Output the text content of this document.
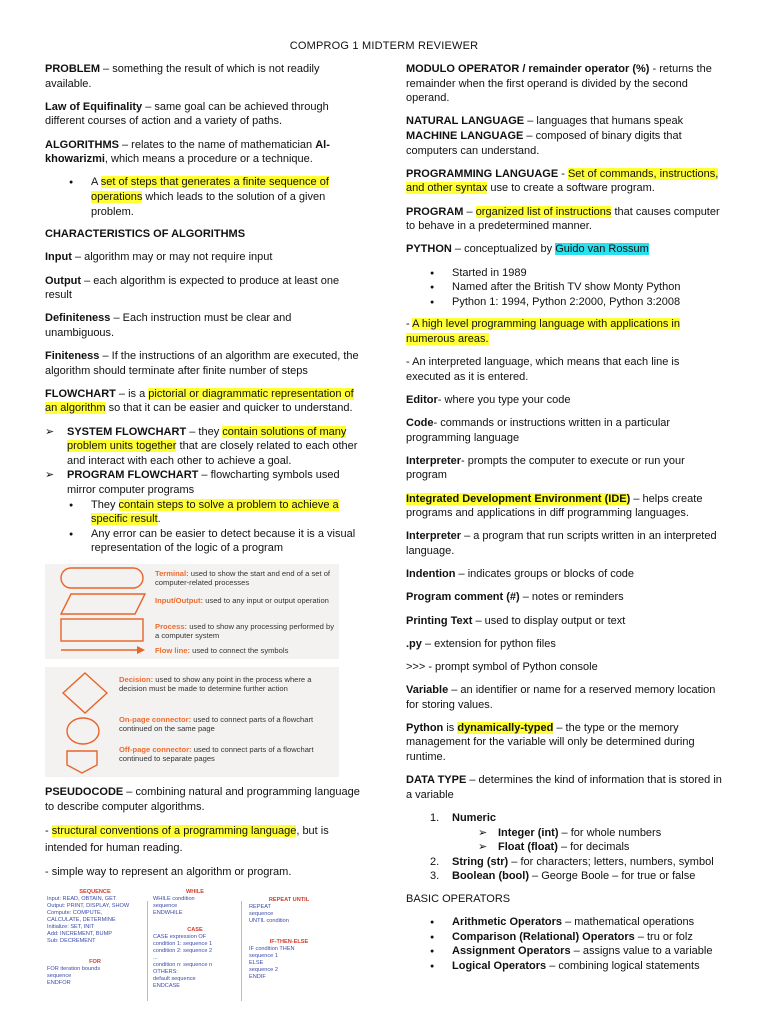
COMPROG 1 MIDTERM REVIEWER

PROBLEM – something the result of which is not readily available.

Law of Equifinality – same goal can be achieved through different courses of action and a variety of paths.

ALGORITHMS – relates to the name of mathematician Al-khowarizmi, which means a procedure or a technique.

● A set of steps that generates a finite sequence of operations which leads to the solution of a given problem.

CHARACTERISTICS OF ALGORITHMS

Input – algorithm may or may not require input

Output – each algorithm is expected to produce at least one result

Definiteness – Each instruction must be clear and unambiguous.

Finiteness – If the instructions of an algorithm are executed, the algorithm should terminate after finite number of steps

FLOWCHART – is a pictorial or diagrammatic representation of an algorithm so that it can be easier and quicker to understand.

➢ SYSTEM FLOWCHART – they contain solutions of many problem units together that are closely related to each other and interact with each other to achieve a goal.
➢ PROGRAM FLOWCHART – flowcharting symbols used mirror computer programs
● They contain steps to solve a problem to achieve a specific result.
● Any error can be easier to detect because it is a visual representation of the logic of a program
Terminal: used to show the start and end of a set of computer-related processes
Input/Output: used to any input or output operation
Process: used to show any processing performed by a computer system
Flow line: used to connect the symbols
Decision: used to show any point in the process where a decision must be made to determine further action
On-page connector: used to connect parts of a flowchart continued on the same page
Off-page connector: used to connect parts of a flowchart continued to separate pages

PSEUDOCODE – combining natural and programming language to describe computer algorithms.

- structural conventions of a programming language, but is intended for human reading.

- simple way to represent an algorithm or program.

SEQUENCE
Input: READ, OBTAIN, GET
Output: PRINT, DISPLAY, SHOW
Compute: COMPUTE,
CALCULATE, DETERMINE
Initialize: SET, INIT
Add: INCREMENT, BUMP
Sub: DECREMENT
FOR
FOR iteration bounds
sequence
ENDFOR
WHILE
WHILE condition
sequence
ENDWHILE
CASE
CASE expression OF
condition 1: sequence 1
condition 2: sequence 2
...
condition n: sequence n
OTHERS:
default sequence
ENDCASE
REPEAT UNTIL
REPEAT
sequence
UNTIL condition
IF-THEN-ELSE
IF condition THEN
sequence 1
ELSE
sequence 2
ENDIF

MODULO OPERATOR / remainder operator (%) - returns the remainder when the first operand is divided by the second operand.

NATURAL LANGUAGE – languages that humans speak

MACHINE LANGUAGE – composed of binary digits that computers can understand.

PROGRAMMING LANGUAGE - Set of commands, instructions, and other syntax use to create a software program.

PROGRAM – organized list of instructions that causes computer to behave in a predetermined manner.

PYTHON – conceptualized by Guido van Rossum

● Started in 1989
● Named after the British TV show Monty Python
● Python 1: 1994, Python 2:2000, Python 3:2008

- A high level programming language with applications in numerous areas.

- An interpreted language, which means that each line is executed as it is entered.

Editor- where you type your code

Code- commands or instructions written in a particular programming language

Interpreter- prompts the computer to execute or run your program

Integrated Development Environment (IDE) – helps create programs and applications in diff programming languages.

Interpreter – a program that run scripts written in an interpreted language.

Indention – indicates groups or blocks of code

Program comment (#) – notes or reminders

Printing Text – used to display output or text

.py – extension for python files

>>> - prompt symbol of Python console

Variable – an identifier or name for a reserved memory location for storing values.

Python is dynamically-typed – the type or the memory management for the variable will only be determined during runtime.

DATA TYPE – determines the kind of information that is stored in a variable

1. Numeric
➢ Integer (int) – for whole numbers
➢ Float (float) – for decimals
2. String (str) – for characters; letters, numbers, symbol
3. Boolean (bool) – George Boole – for true or false

BASIC OPERATORS

● Arithmetic Operators – mathematical operations
● Comparison (Relational) Operators – tru or folz
● Assignment Operators – assigns value to a variable
● Logical Operators – combining logical statements
